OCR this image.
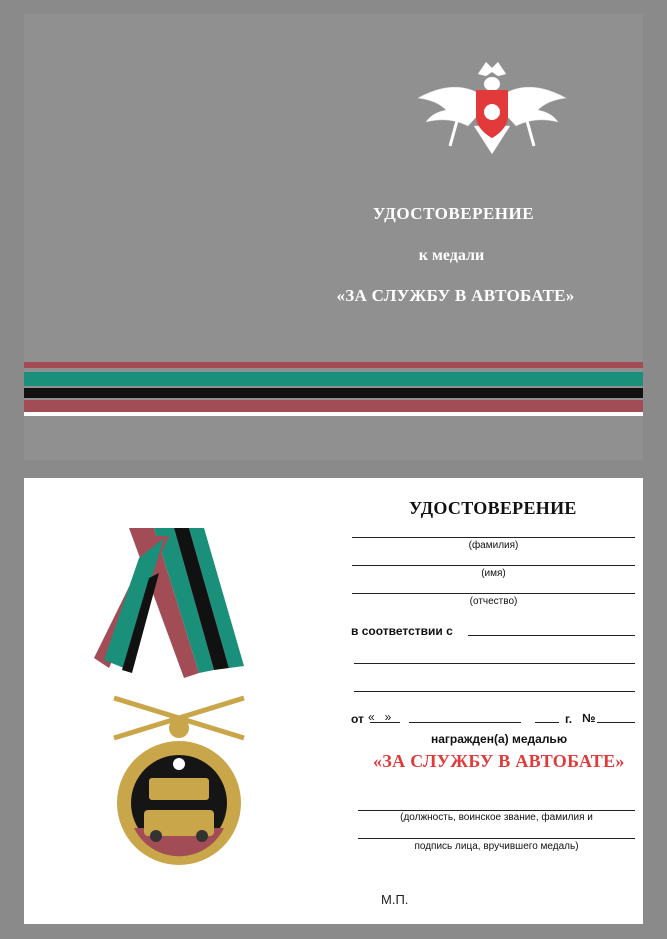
УДОСТОВЕРЕНИЕ
к медали
«ЗА СЛУЖБУ В АВТОБАТЕ»
УДОСТОВЕРЕНИЕ
(фамилия)
(имя)
(отчество)
в соответствии с
от «   »	г. №
награжден(а) медалью
«ЗА СЛУЖБУ В АВТОБАТЕ»
(должность, воинское звание, фамилия и
подпись лица, вручившего медаль)
М.П.
